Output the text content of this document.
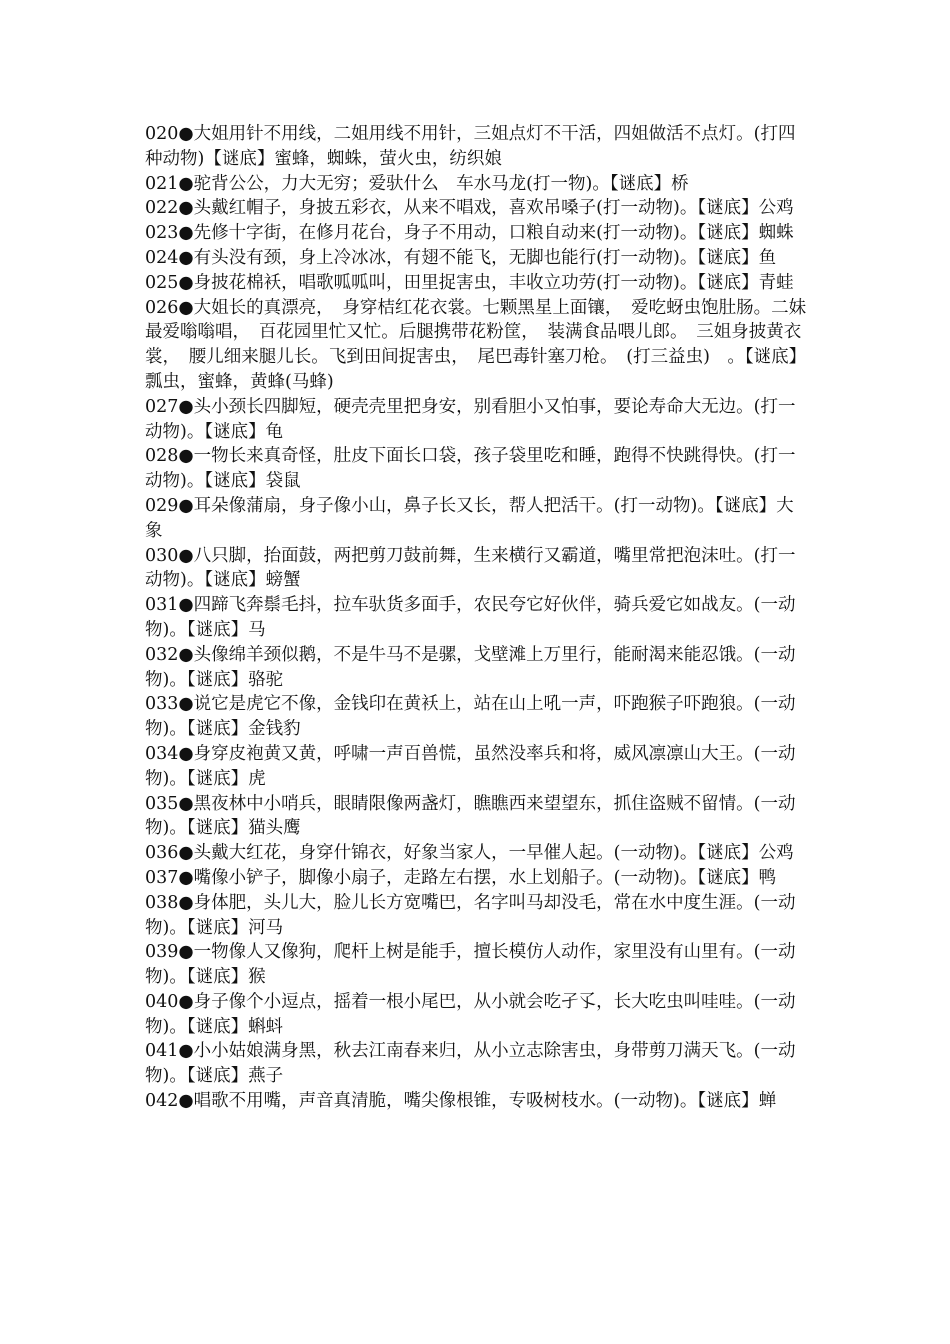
020●大姐用针不用线，二姐用线不用针，三姐点灯不干活，四姐做活不点灯。(打四种动物)【谜底】蜜蜂，蜘蛛，萤火虫，纺织娘

021●驼背公公，力大无穷；爱驮什么　车水马龙(打一物)。【谜底】桥

022●头戴红帽子，身披五彩衣，从来不唱戏，喜欢吊嗓子(打一动物)。【谜底】公鸡

023●先修十字街，在修月花台，身子不用动，口粮自动来(打一动物)。【谜底】蜘蛛

024●有头没有颈，身上冷冰冰，有翅不能飞，无脚也能行(打一动物)。【谜底】鱼

025●身披花棉袄，唱歌呱呱叫，田里捉害虫，丰收立功劳(打一动物)。【谜底】青蛙

026●大姐长的真漂亮，　身穿桔红花衣裳。七颗黑星上面镶，　爱吃蚜虫饱肚肠。二妹最爱嗡嗡唱，　百花园里忙又忙。后腿携带花粉筐，　装满食品喂儿郎。　三姐身披黄衣裳，　腰儿细来腿儿长。飞到田间捉害虫，　尾巴毒针塞刀枪。　(打三益虫)　。【谜底】瓢虫，蜜蜂，黄蜂(马蜂)

027●头小颈长四脚短，硬壳壳里把身安，别看胆小又怕事，要论寿命大无边。(打一动物)。【谜底】龟

028●一物长来真奇怪，肚皮下面长口袋，孩子袋里吃和睡，跑得不快跳得快。(打一动物)。【谜底】袋鼠

029●耳朵像蒲扇，身子像小山，鼻子长又长，帮人把活干。(打一动物)。【谜底】大象

030●八只脚，抬面鼓，两把剪刀鼓前舞，生来横行又霸道，嘴里常把泡沫吐。(打一动物)。【谜底】螃蟹

031●四蹄飞奔鬃毛抖，拉车驮货多面手，农民夸它好伙伴，骑兵爱它如战友。(一动物)。【谜底】马

032●头像绵羊颈似鹅，不是牛马不是骡，戈壁滩上万里行，能耐渴来能忍饿。(一动物)。【谜底】骆驼

033●说它是虎它不像，金钱印在黄袄上，站在山上吼一声，吓跑猴子吓跑狼。(一动物)。【谜底】金钱豹

034●身穿皮袍黄又黄，呼啸一声百兽慌，虽然没率兵和将，威风凛凛山大王。(一动物)。【谜底】虎

035●黑夜林中小哨兵，眼睛限像两盏灯，瞧瞧西来望望东，抓住盗贼不留情。(一动物)。【谜底】猫头鹰

036●头戴大红花，身穿什锦衣，好象当家人，一早催人起。(一动物)。【谜底】公鸡

037●嘴像小铲子，脚像小扇子，走路左右摆，水上划船子。(一动物)。【谜底】鸭

038●身体肥，头儿大，脸儿长方宽嘴巴，名字叫马却没毛，常在水中度生涯。(一动物)。【谜底】河马

039●一物像人又像狗，爬杆上树是能手，擅长模仿人动作，家里没有山里有。(一动物)。【谜底】猴

040●身子像个小逗点，摇着一根小尾巴，从小就会吃孑孓，长大吃虫叫哇哇。(一动物)。【谜底】蝌蚪

041●小小姑娘满身黑，秋去江南春来归，从小立志除害虫，身带剪刀满天飞。(一动物)。【谜底】燕子

042●唱歌不用嘴，声音真清脆，嘴尖像根锥，专吸树枝水。(一动物)。【谜底】蝉
